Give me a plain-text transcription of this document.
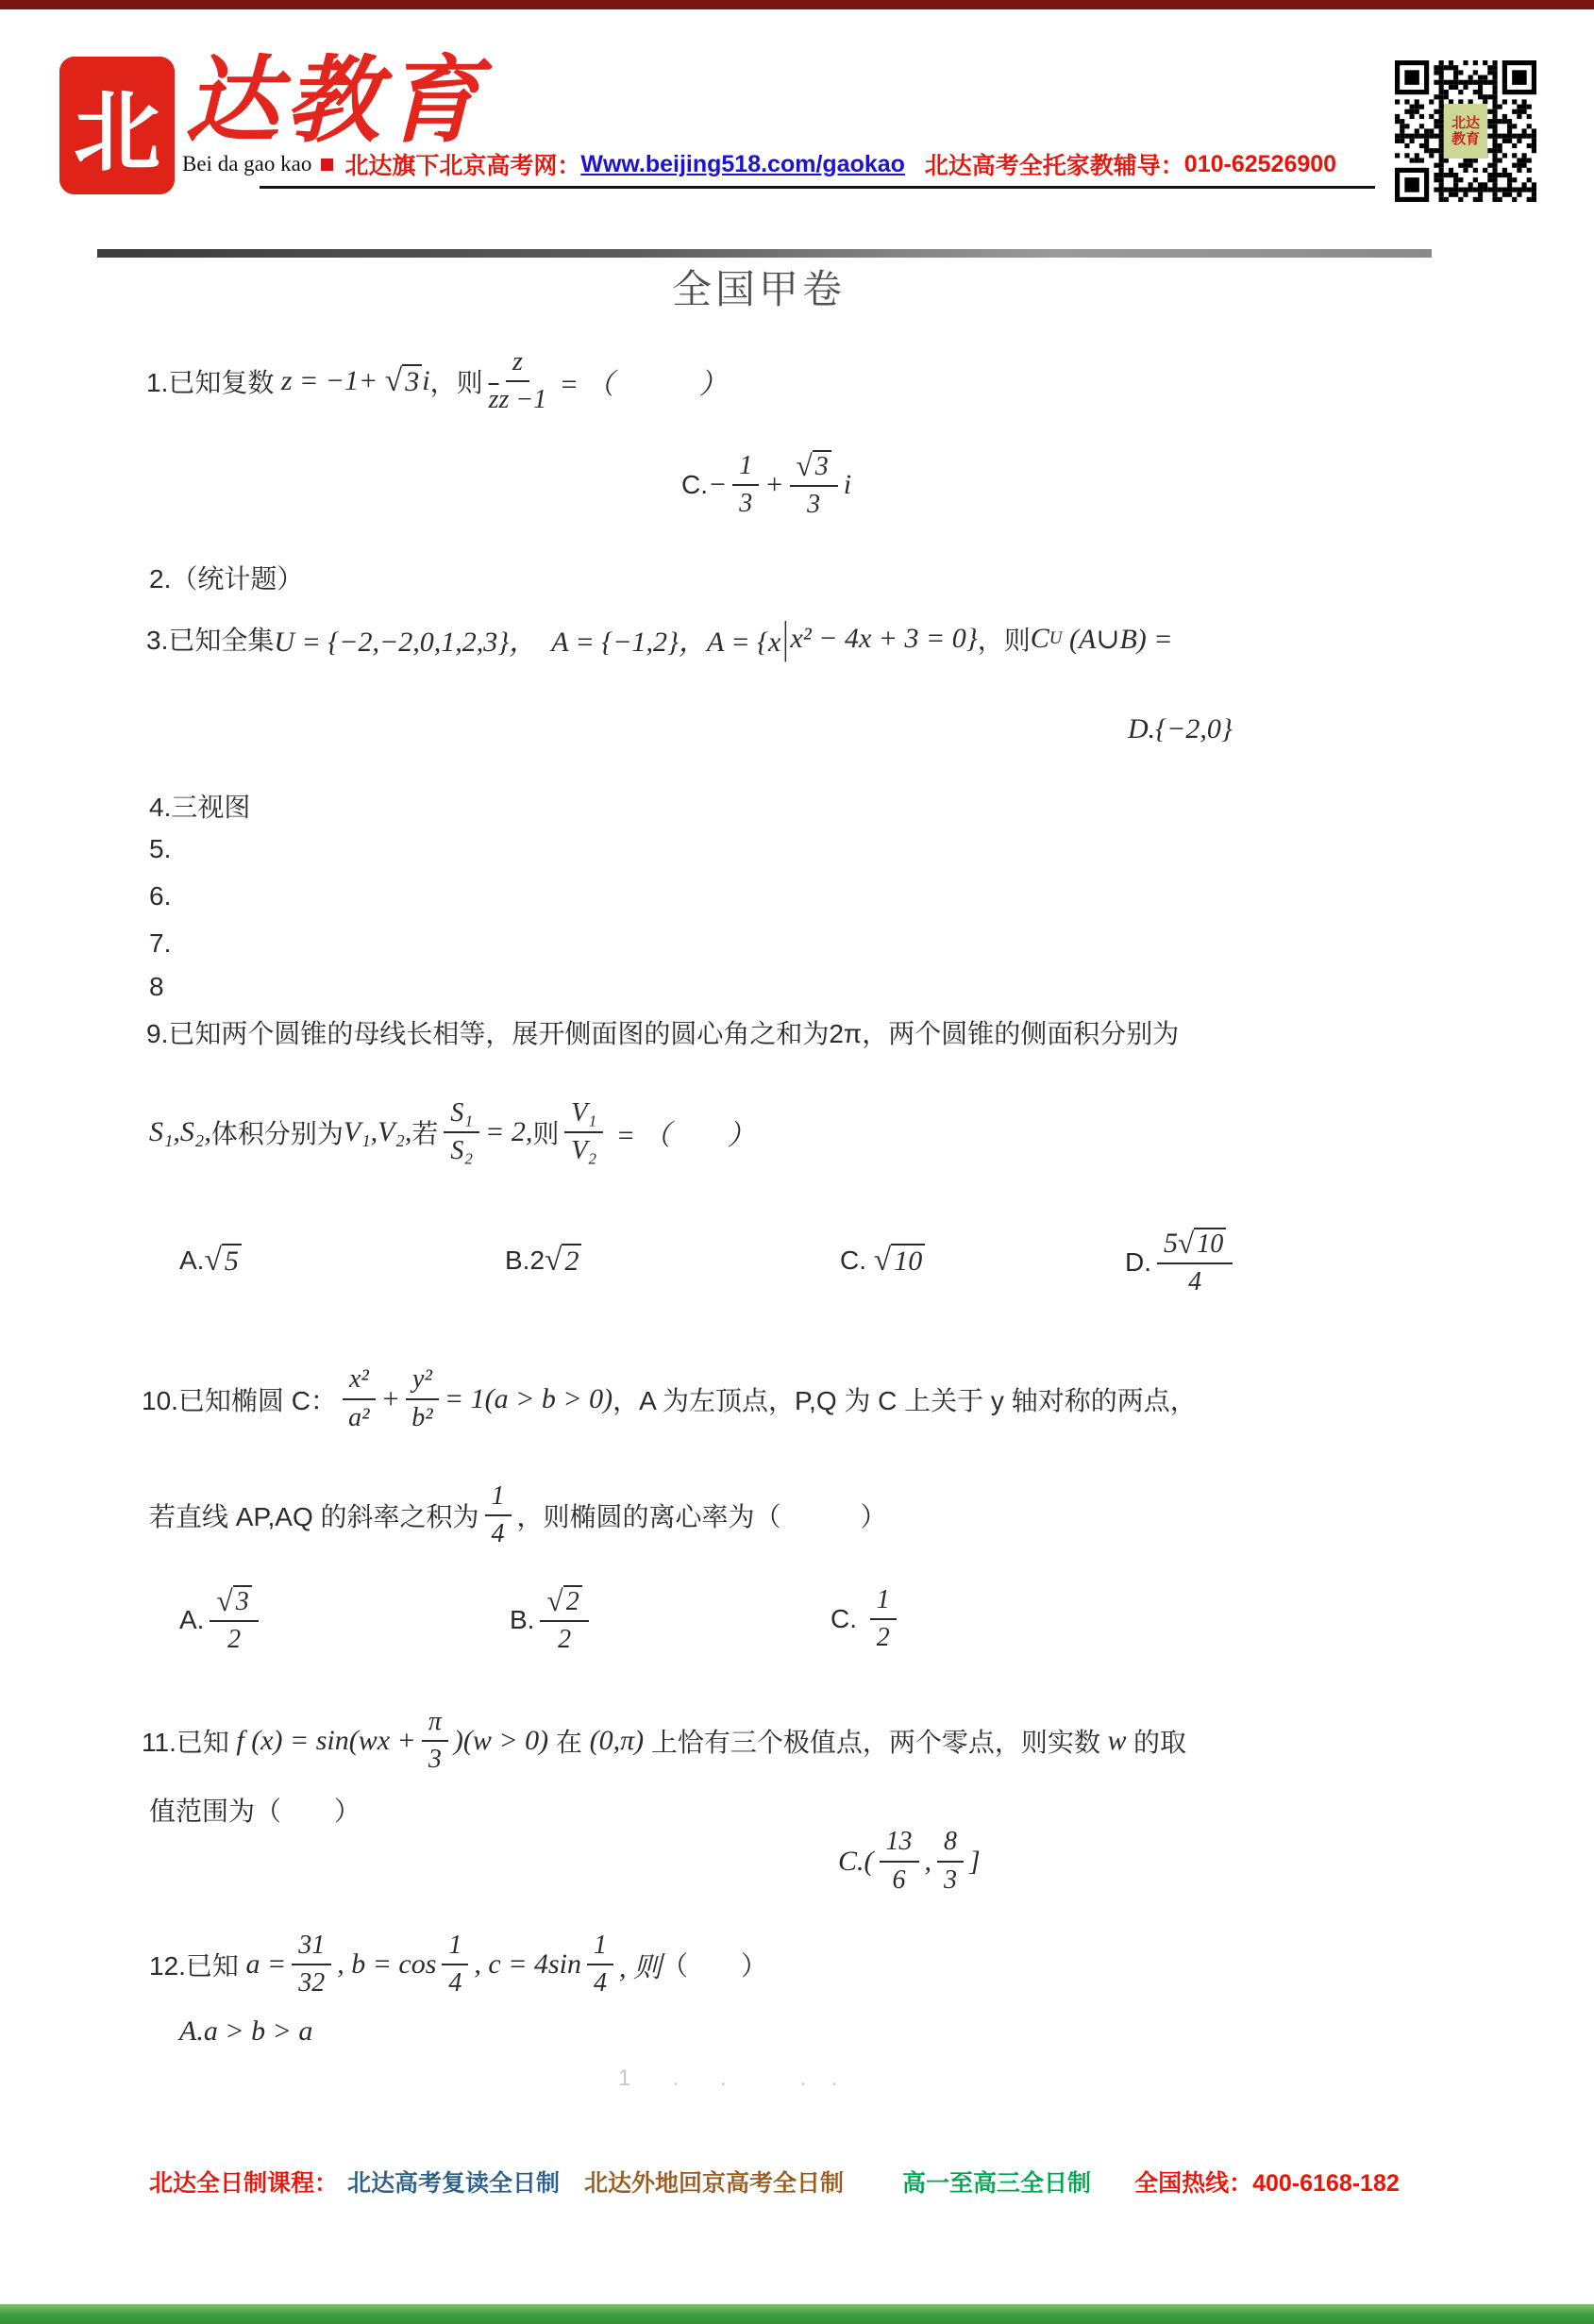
北 达教育
Bei da gao kao 北达旗下北京高考网： Www.beijing518.com/gaokao
北达高考全托家教辅导： 010-62526900
北达
教育
全国甲卷
1.已知复数 z = −1+ √ 3 i ，则 $\frac{z}{\overline{z}z -1}$ = （　　　）
C. − $\frac{1}{3} + \frac{√ 3}{3}$ i
2.（统计题）
3.已知全集 U = {−2,−2,0,1,2,3}， A = {−1,2}，A = {x | x² − 4x + 3 = 0} ，则 C U (A∪B) =
D.{−2,0}
4.三视图
5.
6.
7.
8
9.已知两个圆锥的母线长相等，展开侧面图的圆心角之和为2π，两个圆锥的侧面积分别为
S₁,S₂, 体积分别为 V₁,V₂, 若 $\frac{\text{S₁}}{\text{S₂}} = 2$, 则 $\frac{\text{V₁}}{\text{V₂}}$ = （　　）
A. √ 5	B.2 √ 2	C. √ 10	D. $\frac{5 √ 10}{4}$
10.已知椭圆 C： $\frac{\text{x²}}{\text{a²}} + \frac{\text{y²}}{\text{b²}} = 1(a > b > 0)$ ，A 为左顶点，P,Q 为 C 上关于 y 轴对称的两点，
若直线 AP,AQ 的斜率之积为 $\frac{1}{4}$ ，则椭圆的离心率为（　　　）
A. $\frac{√ 3}{2}$	B. $\frac{√ 2}{2}$	C. $\frac{1}{2}$
11.已知 f $(x) = \sin(wx + \frac{\pi}{3} )(w > 0)$ 在 (0,π) 上恰有三个极值点，两个零点，则实数 w 的取
值范围为（　　）
$C.( \frac{13}{6}$ , $\frac{8}{3}$ ]
12.已知 $a = \frac{31}{32}$ , $b = \cos \frac{1}{4}$ , $c = 4\sin \frac{1}{4}$ , 则 （　　）
A.a > b > a
1　.　.　　. .
北达全日制课程： 北达高考复读全日制 北达外地回京高考全日制 高一至高三全日制 全国热线：400-6168-182
